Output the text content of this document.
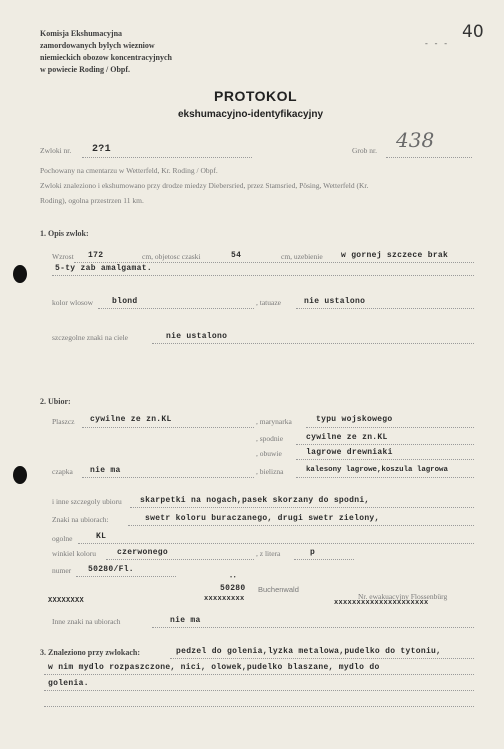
Komisja Ekshumacyjna
zamordowanych bylych wiezniow
niemieckich obozow koncentracyjnych
w powiecie Roding / Obpf.
40
- - -
PROTOKOL
ekshumacyjno-identyfikacyjny
Zwloki nr. 2?1	Grob nr. 438
Pochowany na cmentarzu w Wetterfeld, Kr. Roding / Obpf.
Zwloki znaleziono i ekshumowano przy drodze miedzy Diebersried, przez Stamsried, Pösing, Wetterfeld (Kr.
Roding), ogolna przestrzen 11 km.
1. Opis zwlok:
Wzrost 172	cm, objetosc czaski	54	cm, uzebienie w gornej szczece brak
5-ty zab amalgamat.
kolor wlosow blond	, tatuaze	nie ustalono
szczegolne znaki na ciele	nie ustalono
2. Ubior:
Plaszcz cywilne ze zn.KL	, marynarka	typu wojskowego
, spodnie	cywilne ze zn.KL
, obuwie	lagrowe drewniaki
czapka nie ma	, bielizna	kalesony lagrowe,koszula lagrowa
i inne szczegoly ubioru skarpetki na nogach,pasek skorzany do spodni,
Znaki na ubiorach:	swetr koloru buraczanego, drugi swetr zielony,
ogolne	KL
winkiel koloru	czerwonego	, z litera	p
numer 50280/Fl.
• •
XXXXXXXX
50280
xxxxxxxxx
Buchenwald
Nr. ewakuacyjny Flossenbürg
xxxxxxxxxxxxxxxxxxxxx
Inne znaki na ubiorach	nie ma
3. Znaleziono przy zwlokach:	pedzel do golenia,lyzka metalowa,pudelko do tytoniu,
w nim mydlo rozpaszczone, nici, olowek,pudelko blaszane, mydlo do
golenia.
